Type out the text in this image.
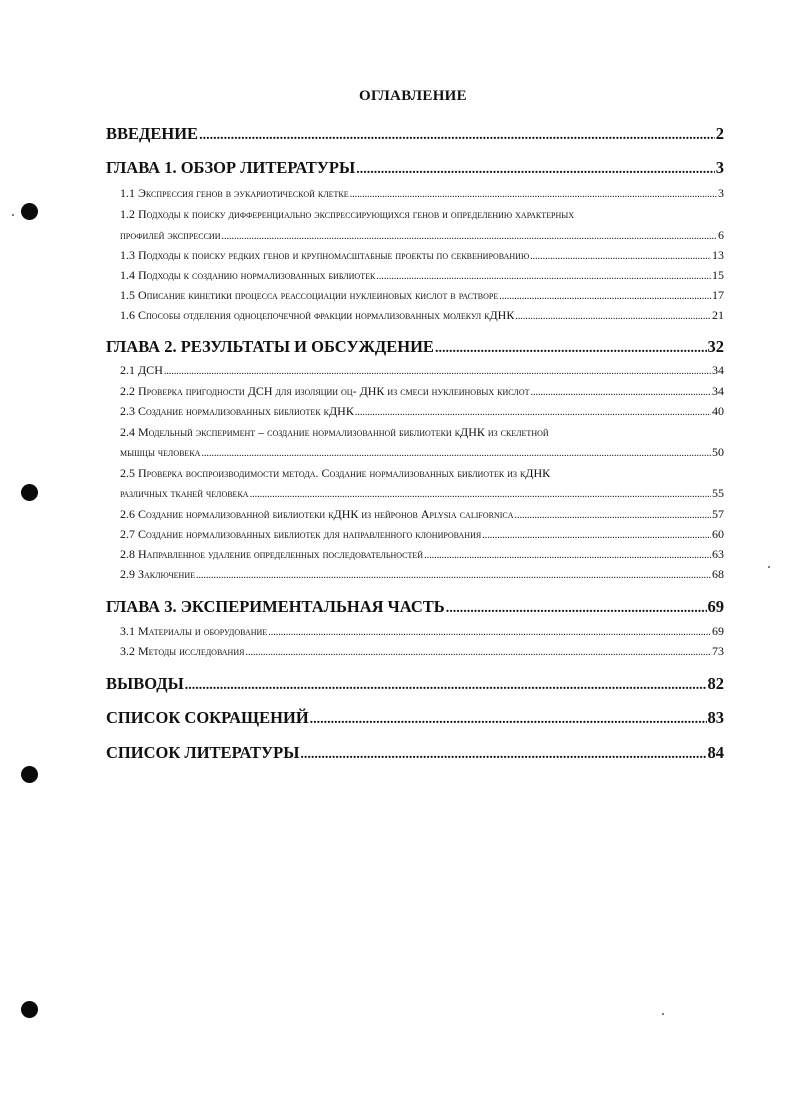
ОГЛАВЛЕНИЕ
ВВЕДЕНИЕ .....	2
ГЛАВА 1. ОБЗОР ЛИТЕРАТУРЫ .....	3
1.1 Экспрессия генов в эукариотической клетке .....	3
1.2 Подходы к поиску дифференциально экспрессирующихся генов и определению характерных
профилей экспрессии .....	6
1.3 Подходы к поиску редких генов и крупномасштабные проекты по секвенированию .....	13
1.4 Подходы к созданию нормализованных библиотек .....	15
1.5 Описание кинетики процесса реассоциации нуклеиновых кислот в растворе .....	17
1.6 Способы отделения одноцепочечной фракции нормализованных молекул кДНК .....	21
ГЛАВА 2. РЕЗУЛЬТАТЫ И ОБСУЖДЕНИЕ .....	32
2.1 ДСН .....	34
2.2 Проверка пригодности ДСН для изоляции оц- ДНК из смеси нуклеиновых кислот .....	34
2.3 Создание нормализованных библиотек кДНК .....	40
2.4 Модельный эксперимент – создание нормализованной библиотеки кДНК из скелетной
мышцы человека .....	50
2.5 Проверка воспроизводимости метода. Создание нормализованных библиотек из кДНК
различных тканей человека .....	55
2.6 Создание нормализованной библиотеки кДНК из нейронов Aplysia californica .....	57
2.7 Создание нормализованных библиотек для направленного клонирования .....	60
2.8 Направленное удаление определенных последовательностей .....	63
2.9 Заключение .....	68
ГЛАВА 3. ЭКСПЕРИМЕНТАЛЬНАЯ ЧАСТЬ .....	69
3.1 Материалы и оборудование .....	69
3.2 Методы исследования .....	73
ВЫВОДЫ .....	82
СПИСОК СОКРАЩЕНИЙ .....	83
СПИСОК ЛИТЕРАТУРЫ .....	84
